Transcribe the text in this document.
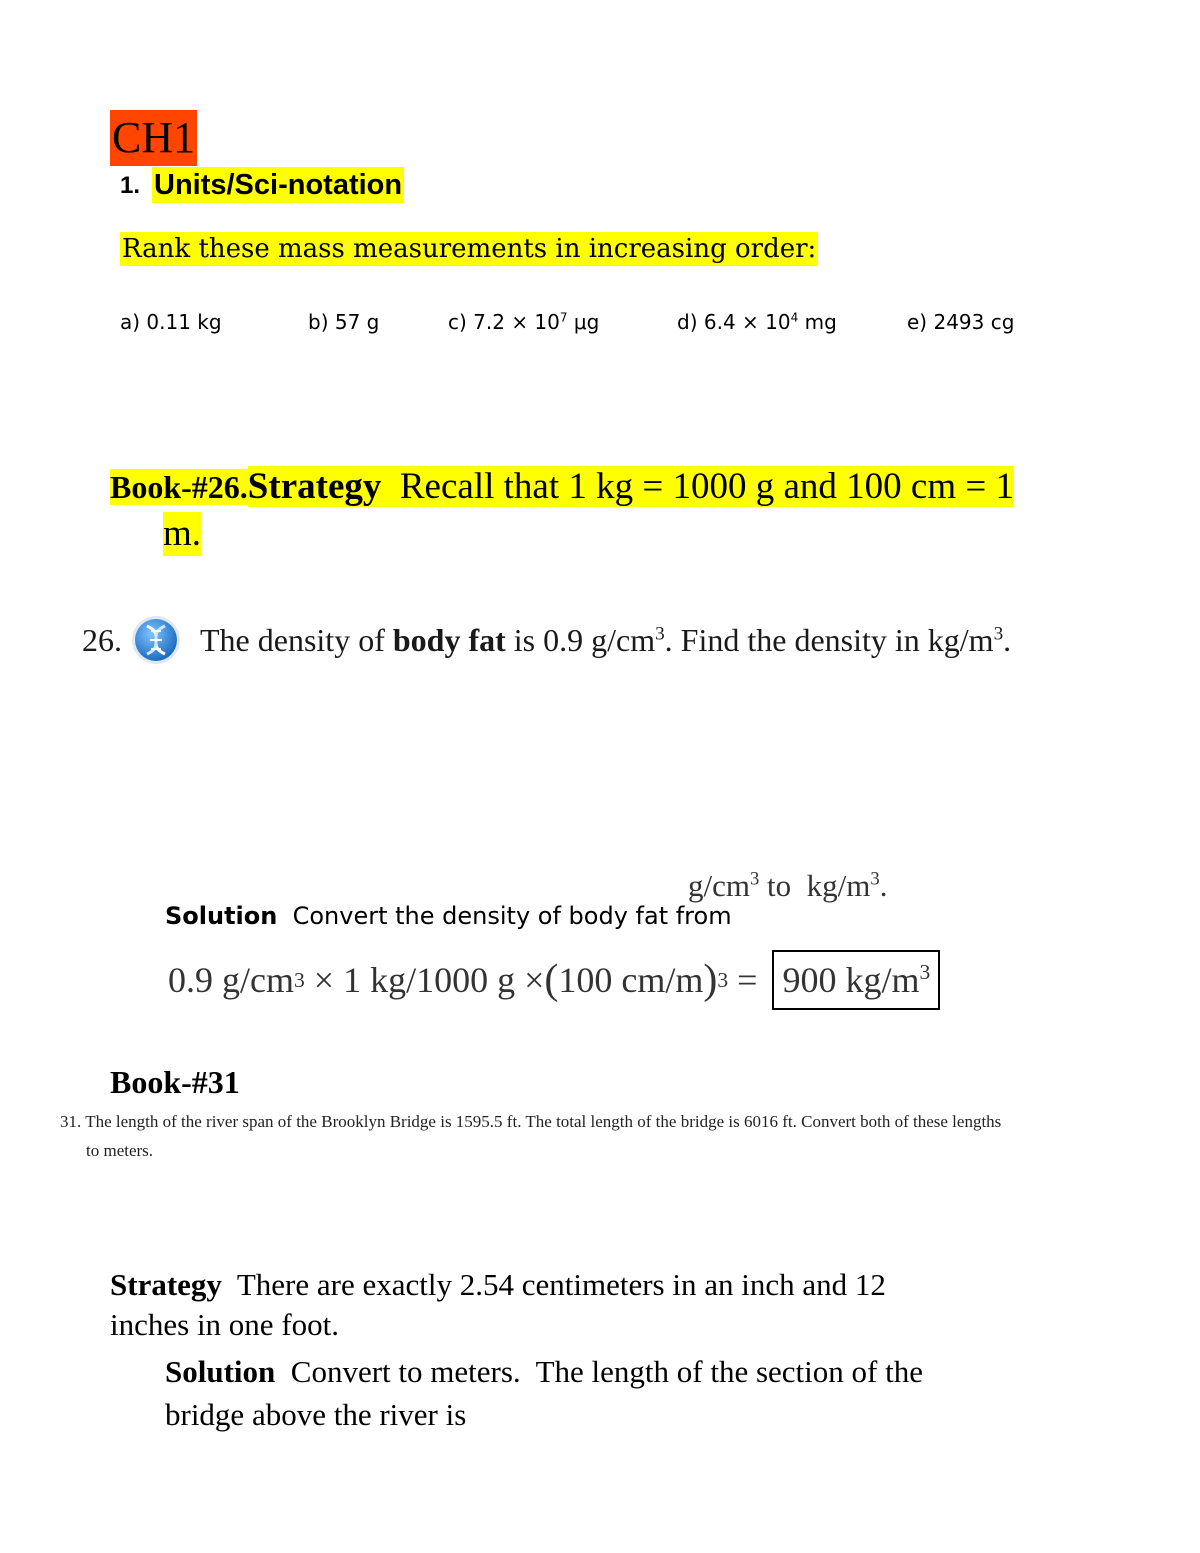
CH1
1. Units/Sci-notation
Rank these mass measurements in increasing order:
a) 0.11 kg	b) 57 g	c) $7.2 \times 10^7$ μg	d) $6.4 \times 10^4$ mg	e) 2493 cg
Book-#26.Strategy  Recall that 1 kg = 1000 g and 100 cm = 1
m.
26. The density of body fat is 0.9 $g/cm^3$. Find the density in $kg/m^3$.
$g/cm^3$ to  $kg/m^3$.
Solution  Convert the density of body fat from
0.9 g/cm 3 × 1 kg/1000 g × ( 100 cm/m ) 3 = 900 $kg/m^3$
Book-#31
31. The length of the river span of the Brooklyn Bridge is 1595.5 ft. The total length of the bridge is 6016 ft. Convert both of these lengths
to meters.
Strategy  There are exactly 2.54 centimeters in an inch and 12
inches in one foot.
Solution  Convert to meters.  The length of the section of the
bridge above the river is
